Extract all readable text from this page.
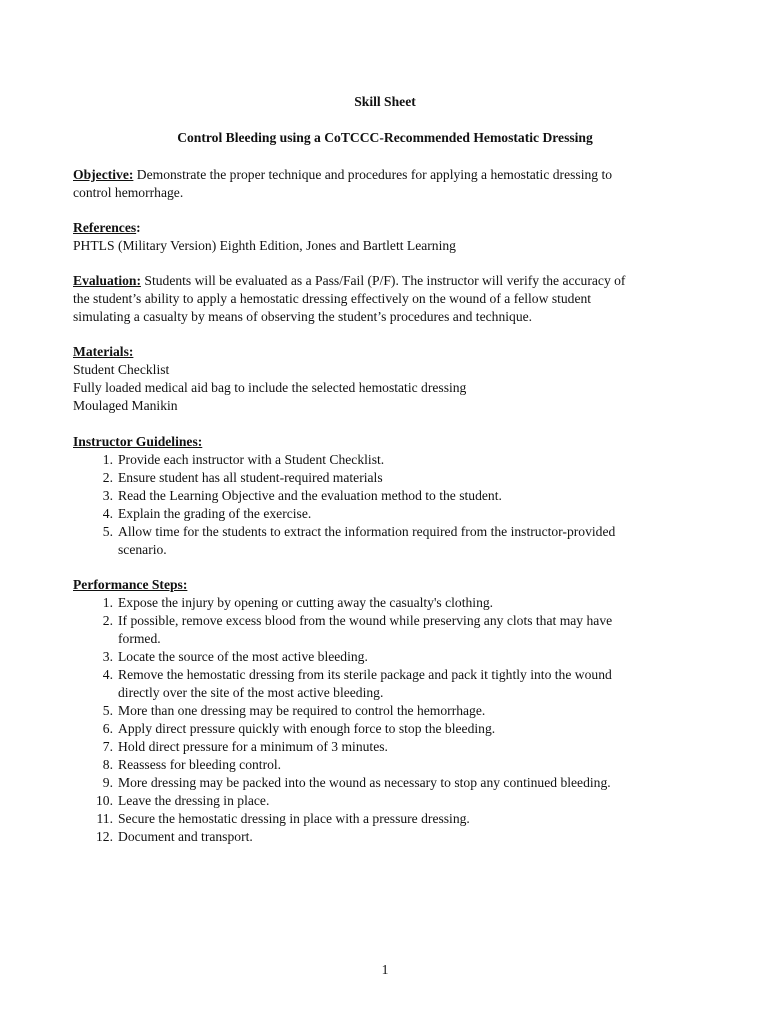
Skill Sheet
Control Bleeding using a CoTCCC-Recommended Hemostatic Dressing
Objective: Demonstrate the proper technique and procedures for applying a hemostatic dressing to
control hemorrhage.
References:
PHTLS (Military Version) Eighth Edition, Jones and Bartlett Learning
Evaluation: Students will be evaluated as a Pass/Fail (P/F). The instructor will verify the accuracy of
the student’s ability to apply a hemostatic dressing effectively on the wound of a fellow student
simulating a casualty by means of observing the student’s procedures and technique.
Materials:
Student Checklist
Fully loaded medical aid bag to include the selected hemostatic dressing
Moulaged Manikin
Instructor Guidelines:
1. Provide each instructor with a Student Checklist.
2. Ensure student has all student-required materials
3. Read the Learning Objective and the evaluation method to the student.
4. Explain the grading of the exercise.
5. Allow time for the students to extract the information required from the instructor-provided
scenario.
Performance Steps:
1. Expose the injury by opening or cutting away the casualty's clothing.
2. If possible, remove excess blood from the wound while preserving any clots that may have
formed.
3. Locate the source of the most active bleeding.
4. Remove the hemostatic dressing from its sterile package and pack it tightly into the wound
directly over the site of the most active bleeding.
5. More than one dressing may be required to control the hemorrhage.
6. Apply direct pressure quickly with enough force to stop the bleeding.
7. Hold direct pressure for a minimum of 3 minutes.
8. Reassess for bleeding control.
9. More dressing may be packed into the wound as necessary to stop any continued bleeding.
10. Leave the dressing in place.
11. Secure the hemostatic dressing in place with a pressure dressing.
12. Document and transport.
1
